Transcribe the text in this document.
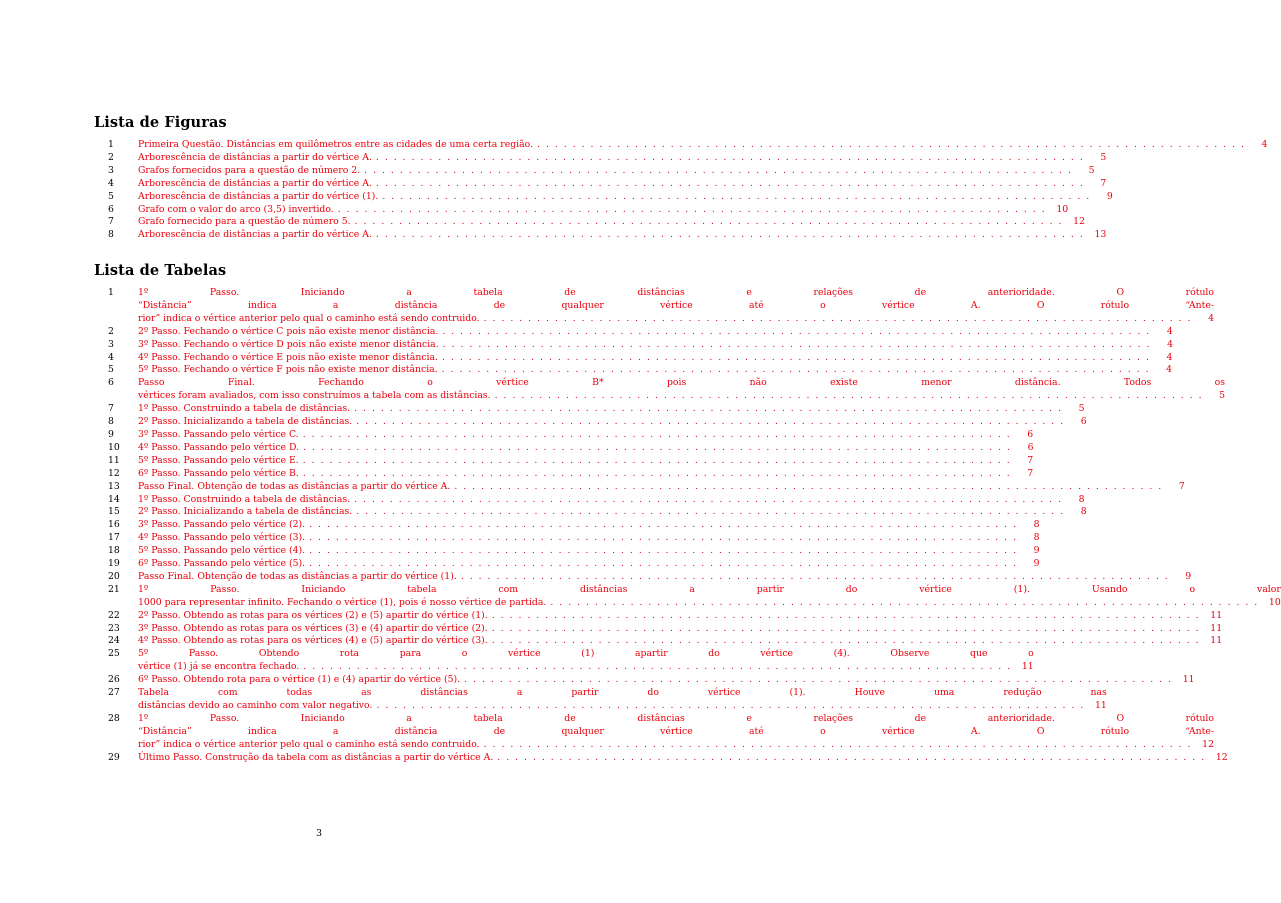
Lista de Figuras
1	Primeira Questão. Distâncias em quilômetros entre as cidades de uma certa região. . . . . . . . . . . . . . . . . . . . . . . . . . . . . . . . . . . . . . . . . . . . . . . . . . . . . . . . . . . . . . . . . . . . . . . . . . . . . . . . .	4
2	Arborescência de distâncias a partir do vértice A. . . . . . . . . . . . . . . . . . . . . . . . . . . . . . . . . . . . . . . . . . . . . . . . . . . . . . . . . . . . . . . . . . . . . . . . . . . . . . . . .	5
3	Grafos fornecidos para a questão de número 2. . . . . . . . . . . . . . . . . . . . . . . . . . . . . . . . . . . . . . . . . . . . . . . . . . . . . . . . . . . . . . . . . . . . . . . . . . . . . . . . .	5
4	Arborescência de distâncias a partir do vértice A. . . . . . . . . . . . . . . . . . . . . . . . . . . . . . . . . . . . . . . . . . . . . . . . . . . . . . . . . . . . . . . . . . . . . . . . . . . . . . . . .	7
5	Arborescência de distâncias a partir do vértice (1). . . . . . . . . . . . . . . . . . . . . . . . . . . . . . . . . . . . . . . . . . . . . . . . . . . . . . . . . . . . . . . . . . . . . . . . . . . . . . . . .	9
6	Grafo com o valor do arco (3,5) invertido. . . . . . . . . . . . . . . . . . . . . . . . . . . . . . . . . . . . . . . . . . . . . . . . . . . . . . . . . . . . . . . . . . . . . . . . . . . . . . . . .	10
7	Grafo fornecido para a questão de número 5. . . . . . . . . . . . . . . . . . . . . . . . . . . . . . . . . . . . . . . . . . . . . . . . . . . . . . . . . . . . . . . . . . . . . . . . . . . . . . . . .	12
8	Arborescência de distâncias a partir do vértice A. . . . . . . . . . . . . . . . . . . . . . . . . . . . . . . . . . . . . . . . . . . . . . . . . . . . . . . . . . . . . . . . . . . . . . . . . . . . . . . . .	13
Lista de Tabelas
1	1º Passo. Iniciando a tabela de distâncias e relações de anterioridade. O rótulo
“Distância” indica a distância de qualquer vértice até o vértice A. O rótulo “Ante-
rior” indica o vértice anterior pelo qual o caminho está sendo contruido. . . . . . . . . . . . . . . . . . . . . . . . . . . . . . . . . . . . . . . . . . . . . . . . . . . . . . . . . . . . . . . . . . . . . . . . . . . . . . . . .	4
2	2º Passo. Fechando o vértice C pois não existe menor distância. . . . . . . . . . . . . . . . . . . . . . . . . . . . . . . . . . . . . . . . . . . . . . . . . . . . . . . . . . . . . . . . . . . . . . . . . . . . . . . . .	4
3	3º Passo. Fechando o vértice D pois não existe menor distância. . . . . . . . . . . . . . . . . . . . . . . . . . . . . . . . . . . . . . . . . . . . . . . . . . . . . . . . . . . . . . . . . . . . . . . . . . . . . . . . .	4
4	4º Passo. Fechando o vértice E pois não existe menor distância. . . . . . . . . . . . . . . . . . . . . . . . . . . . . . . . . . . . . . . . . . . . . . . . . . . . . . . . . . . . . . . . . . . . . . . . . . . . . . . . .	4
5	5º Passo. Fechando o vértice F pois não existe menor distância. . . . . . . . . . . . . . . . . . . . . . . . . . . . . . . . . . . . . . . . . . . . . . . . . . . . . . . . . . . . . . . . . . . . . . . . . . . . . . . . .	4
6	Passo Final. Fechando o vértice B* pois não existe menor distância. Todos os
vértices foram avaliados, com isso construímos a tabela com as distâncias. . . . . . . . . . . . . . . . . . . . . . . . . . . . . . . . . . . . . . . . . . . . . . . . . . . . . . . . . . . . . . . . . . . . . . . . . . . . . . . . .	5
7	1º Passo. Construindo a tabela de distâncias. . . . . . . . . . . . . . . . . . . . . . . . . . . . . . . . . . . . . . . . . . . . . . . . . . . . . . . . . . . . . . . . . . . . . . . . . . . . . . . . .	5
8	2º Passo. Inicializando a tabela de distâncias. . . . . . . . . . . . . . . . . . . . . . . . . . . . . . . . . . . . . . . . . . . . . . . . . . . . . . . . . . . . . . . . . . . . . . . . . . . . . . . . .	6
9	3º Passo. Passando pelo vértice C. . . . . . . . . . . . . . . . . . . . . . . . . . . . . . . . . . . . . . . . . . . . . . . . . . . . . . . . . . . . . . . . . . . . . . . . . . . . . . . . .	6
10	4º Passo. Passando pelo vértice D. . . . . . . . . . . . . . . . . . . . . . . . . . . . . . . . . . . . . . . . . . . . . . . . . . . . . . . . . . . . . . . . . . . . . . . . . . . . . . . . .	6
11	5º Passo. Passando pelo vértice E. . . . . . . . . . . . . . . . . . . . . . . . . . . . . . . . . . . . . . . . . . . . . . . . . . . . . . . . . . . . . . . . . . . . . . . . . . . . . . . . .	7
12	6º Passo. Passando pelo vértice B. . . . . . . . . . . . . . . . . . . . . . . . . . . . . . . . . . . . . . . . . . . . . . . . . . . . . . . . . . . . . . . . . . . . . . . . . . . . . . . . .	7
13	Passo Final. Obtenção de todas as distâncias a partir do vértice A. . . . . . . . . . . . . . . . . . . . . . . . . . . . . . . . . . . . . . . . . . . . . . . . . . . . . . . . . . . . . . . . . . . . . . . . . . . . . . . . .	7
14	1º Passo. Construindo a tabela de distâncias. . . . . . . . . . . . . . . . . . . . . . . . . . . . . . . . . . . . . . . . . . . . . . . . . . . . . . . . . . . . . . . . . . . . . . . . . . . . . . . . .	8
15	2º Passo. Inicializando a tabela de distâncias. . . . . . . . . . . . . . . . . . . . . . . . . . . . . . . . . . . . . . . . . . . . . . . . . . . . . . . . . . . . . . . . . . . . . . . . . . . . . . . . .	8
16	3º Passo. Passando pelo vértice (2). . . . . . . . . . . . . . . . . . . . . . . . . . . . . . . . . . . . . . . . . . . . . . . . . . . . . . . . . . . . . . . . . . . . . . . . . . . . . . . . .	8
17	4º Passo. Passando pelo vértice (3). . . . . . . . . . . . . . . . . . . . . . . . . . . . . . . . . . . . . . . . . . . . . . . . . . . . . . . . . . . . . . . . . . . . . . . . . . . . . . . . .	8
18	5º Passo. Passando pelo vértice (4). . . . . . . . . . . . . . . . . . . . . . . . . . . . . . . . . . . . . . . . . . . . . . . . . . . . . . . . . . . . . . . . . . . . . . . . . . . . . . . . .	9
19	6º Passo. Passando pelo vértice (5). . . . . . . . . . . . . . . . . . . . . . . . . . . . . . . . . . . . . . . . . . . . . . . . . . . . . . . . . . . . . . . . . . . . . . . . . . . . . . . . .	9
20	Passo Final. Obtenção de todas as distâncias a partir do vértice (1). . . . . . . . . . . . . . . . . . . . . . . . . . . . . . . . . . . . . . . . . . . . . . . . . . . . . . . . . . . . . . . . . . . . . . . . . . . . . . . . .	9
21	1º Passo. Iniciando tabela com distâncias a partir do vértice (1). Usando o valor
1000 para representar infinito. Fechando o vértice (1), pois é nosso vértice de partida. . . . . . . . . . . . . . . . . . . . . . . . . . . . . . . . . . . . . . . . . . . . . . . . . . . . . . . . . . . . . . . . . . . . . . . . . . . . . . . . .	10
22	2º Passo. Obtendo as rotas para os vértices (2) e (5) apartir do vértice (1). . . . . . . . . . . . . . . . . . . . . . . . . . . . . . . . . . . . . . . . . . . . . . . . . . . . . . . . . . . . . . . . . . . . . . . . . . . . . . . . .	11
23	3º Passo. Obtendo as rotas para os vértices (3) e (4) apartir do vértice (2). . . . . . . . . . . . . . . . . . . . . . . . . . . . . . . . . . . . . . . . . . . . . . . . . . . . . . . . . . . . . . . . . . . . . . . . . . . . . . . . .	11
24	4º Passo. Obtendo as rotas para os vértices (4) e (5) apartir do vértice (3). . . . . . . . . . . . . . . . . . . . . . . . . . . . . . . . . . . . . . . . . . . . . . . . . . . . . . . . . . . . . . . . . . . . . . . . . . . . . . . . .	11
25	5º Passo. Obtendo rota para o vértice (1) apartir do vértice (4). Observe que o
vértice (1) já se encontra fechado. . . . . . . . . . . . . . . . . . . . . . . . . . . . . . . . . . . . . . . . . . . . . . . . . . . . . . . . . . . . . . . . . . . . . . . . . . . . . . . . .	11
26	6º Passo. Obtendo rota para o vértice (1) e (4) apartir do vértice (5). . . . . . . . . . . . . . . . . . . . . . . . . . . . . . . . . . . . . . . . . . . . . . . . . . . . . . . . . . . . . . . . . . . . . . . . . . . . . . . . .	11
27	Tabela com todas as distâncias a partir do vértice (1). Houve uma redução nas
distâncias devido ao caminho com valor negativo. . . . . . . . . . . . . . . . . . . . . . . . . . . . . . . . . . . . . . . . . . . . . . . . . . . . . . . . . . . . . . . . . . . . . . . . . . . . . . . . .	11
28	1º Passo. Iniciando a tabela de distâncias e relações de anterioridade. O rótulo
“Distância” indica a distância de qualquer vértice até o vértice A. O rótulo “Ante-
rior” indica o vértice anterior pelo qual o caminho está sendo contruido. . . . . . . . . . . . . . . . . . . . . . . . . . . . . . . . . . . . . . . . . . . . . . . . . . . . . . . . . . . . . . . . . . . . . . . . . . . . . . . . .	12
29	Último Passo. Construção da tabela com as distâncias a partir do vértice A. . . . . . . . . . . . . . . . . . . . . . . . . . . . . . . . . . . . . . . . . . . . . . . . . . . . . . . . . . . . . . . . . . . . . . . . . . . . . . . . .	12
3
